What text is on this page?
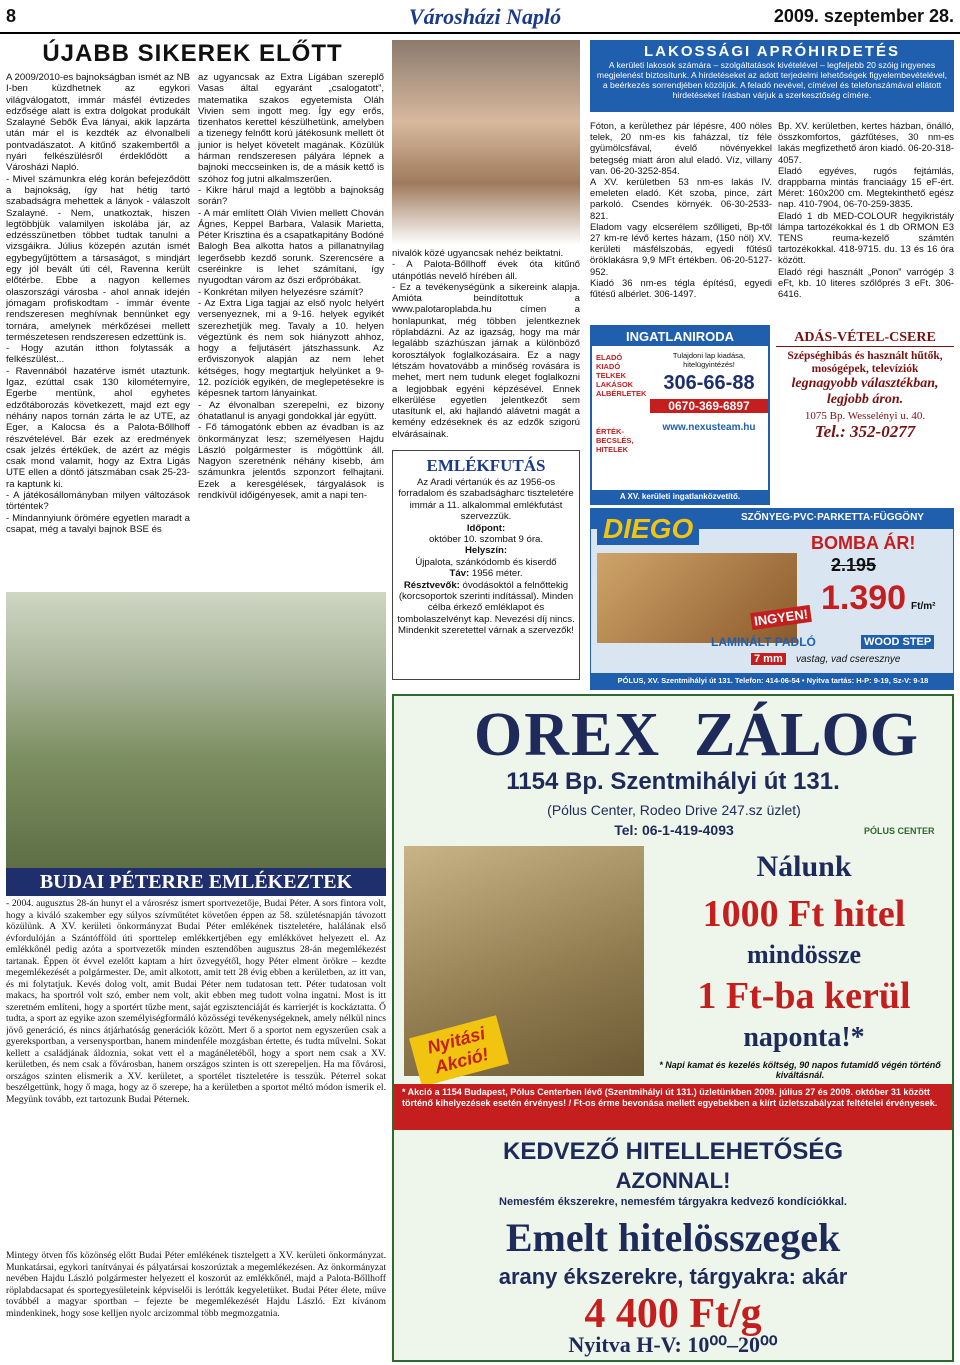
8	Városházi Napló	2009. szeptember 28.
ÚJABB SIKEREK ELŐTT
A 2009/2010-es bajnokságban ismét az NB I-ben küzdhetnek az egykori világválogatott, immár másfél évtizedes edzősége alatt is extra dolgokat produkált Szalayné Sebők Éva lányai, akik lapzárta után már el is kezdték az élvonalbeli pontvadászatot. A kitűnő szakembertől a nyári felkészülésről érdeklődött a Városházi Napló.
- Mivel számunkra elég korán befejeződött a bajnokság, így hat hétig tartó szabadságra mehettek a lányok - válaszolt Szalayné. - Nem, unatkoztak, hiszen legtöbbjük valamilyen iskolába jár, az edzésszünetben többet tudtak tanulni a vizsgáikra. Július közepén azután ismét egybegyűjtöttem a társaságot, s mindjárt egy jól bevált úti cél, Ravenna került előtérbe. Ebbe a nagyon kellemes olaszországi városba - ahol annak idején jómagam profiskodtam - immár évente rendszeresen meghívnak bennünket egy tornára, amelynek mérkőzései mellett természetesen rendszeresen edzettünk is.
- Hogy azután itthon folytassák a felkészülést...
- Ravennából hazatérve ismét utaztunk. Igaz, ezúttal csak 130 kilométernyire, Egerbe mentünk, ahol egyhetes edzőtáborozás következett, majd ezt egy néhány napos tornán zárta le az UTE, az Eger, a Kalocsa és a Palota-Bőllhoff részvételével. Bár ezek az eredmények csak jelzés értékűek, de azért az mégis csak mond valamit, hogy az Extra Ligás UTE ellen a döntő játszmában csak 25-23-ra kaptunk ki.
- A játékosállományban milyen változások történtek?
- Mindannyiunk örömére egyetlen maradt a csapat, még a tavalyi bajnok BSE és
az ugyancsak az Extra Ligában szereplő Vasas által egyaránt „csalogatott”, matematika szakos egyetemista Oláh Vivien sem ingott meg. Így egy erős, tizenhatos kerettel készülhetünk, amelyben a tizenegy felnőtt korú játékosunk mellett öt junior is helyet követelt magának. Közülük hárman rendszeresen pályára lépnek a bajnoki meccseinken is, de a másik kettő is szóhoz fog jutni alkalmszerűen.
- Kikre hárul majd a legtöbb a bajnokság során?
- A már említett Oláh Vivien mellett Chován Ágnes, Keppel Barbara, Valasik Marietta, Péter Krisztina és a csapatkapitány Bodóné Balogh Bea alkotta hatos a pillanatnyilag legerősebb kezdő sorunk. Szerencsére a cseréinkre is lehet számítani, így nyugodtan várom az őszi erőpróbákat.
- Konkrétan milyen helyezésre számít?
- Az Extra Liga tagjai az első nyolc helyért versenyeznek, mi a 9-16. helyek egyikét szerezhetjük meg. Tavaly a 10. helyen végeztünk és nem sok hiányzott ahhoz, hogy a feljutásért játszhassunk. Az erőviszonyok alapján az nem lehet kétséges, hogy megtartjuk helyünket a 9-12. pozíciók egyikén, de meglepetésekre is képesnek tartom lányainkat.
- Az élvonalban szerepelni, ez bizony óhatatlanul is anyagi gondokkal jár együtt.
- Fő támogatónk ebben az évadban is az önkormányzat lesz; személyesen Hajdu László polgármester is mögöttünk áll. Nagyon szeretnénk néhány kisebb, ám számunkra jelentős szponzort felhajtani. Ezek a keresgélések, tárgyalások is rendkívül időigényesek, amit a napi ten-
nivalók közé ugyancsak nehéz beiktatni.
- A Palota-Bőllhoff évek óta kitűnő utánpótlás nevelő hírében áll.
- Ez a tevékenységünk a sikereink alapja. Amióta beindítottuk a www.palotaroplabda.hu címen a honlapunkat, még többen jelentkeznek röplabdázni. Az az igazság, hogy ma már legalább százhúszan járnak a különböző korosztályok foglalkozásaira. Ez a nagy létszám hovatovább a minőség rovására is mehet, mert nem tudunk eleget foglalkozni a legjobbak egyéni képzésével. Ennek elkerülése egyetlen jelentkezőt sem utasítunk el, aki hajlandó alávetni magát a kemény edzéseknek és az edzők szigorú elvárásainak.
EMLÉKFUTÁS
Az Aradi vértanúk és az 1956-os forradalom és szabadságharc tiszteletére immár a 11. alkalommal emlékfutást szervezzük.
Időpont:
október 10. szombat 9 óra.
Helyszín:
Újpalota, szánkódomb és kiserdő
Táv: 1956 méter.
Résztvevők: óvodásoktól a felnőttekig (korcsoportok szerinti indítással). Minden célba érkező emléklapot és tombolaszelvényt kap. Nevezési díj nincs.
Mindenkit szeretettel várnak a szervezők!
LAKOSSÁGI APRÓHIRDETÉS
A kerületi lakosok számára – szolgáltatások kivételével – legfeljebb 20 szóig ingyenes megjelenést biztosítunk. A hirdetéseket az adott terjedelmi lehetőségek figyelembevételével, a beérkezés sorrendjében közöljük. A feladó nevével, címével és telefonszámával ellátott hirdetéseket írásban várjuk a szerkesztőség címére.
Fóton, a kerülethez pár lépésre, 400 nöles telek, 20 nm-es kis faházzal, tíz féle gyümölcsfával, évelő növényekkel betegség miatt áron alul eladó. Víz, villany van. 06-20-3252-854.
A XV. kerületben 53 nm-es lakás IV. emeleten eladó. Két szoba, pince, zárt parkoló. Csendes környék. 06-30-2533-821.
Eladom vagy elcserélem szőlligeti, Bp-től 27 km-re lévő kertes házam, (150 nöl) XV. kerületi másfélszobás, egyedi fűtésű öröklakásra 9,9 MFt értékben. 06-20-5127-952.
Kiadó 36 nm-es tégla építésű, egyedi fűtésű albérlet. 306-1497.
Bp. XV. kerületben, kertes házban, önálló, összkomfortos, gázfűtéses, 30 nm-es lakás megfizethető áron kiadó. 06-20-318-4057.
Eladó egyéves, rugós fejtámlás, drappbarna mintás franciaágy 15 eF-ért. Méret: 160x200 cm. Megtekinthető egész nap. 410-7904, 06-70-259-3835.
Eladó 1 db MED-COLOUR hegyikristály lámpa tartozékokkal és 1 db ORMON E3 TENS reuma-kezelő számtén tartozékokkal. 418-9715. du. 13 és 16 óra között.
Eladó régi használt „Ponon” varrógép 3 eFt, kb. 10 literes szőlőprés 3 eFt. 306-6416.
INGATLANIRODA
ELADÓ KIADÓ TELKEK LAKÁSOK ALBÉRLETEK
Tulajdoni lap kiadása, hitelügyintézés!
306-66-88
0670-369-6897
ÉRTÉK-BECSLÉS, HITELEK
www.nexusteam.hu
A XV. kerületi ingatlanközvetítő.
ADÁS-VÉTEL-CSERE
Szépséghibás és használt hűtők, mosógépek, televíziók
legnagyobb választékban, legjobb áron.
1075 Bp. Wesselényi u. 40.
Tel.: 352-0277
DIEGO	SZŐNYEG·PVC·PARKETTA·FÜGGÖNY
BOMBA ÁR!
2.195
1.390 Ft/m²
INGYEN!
LAMINÁLT PADLÓ	WOOD STEP
7 mm	vastag, vad cseresznye
PÓLUS, XV. Szentmihályi út 131. Telefon: 414-06-54 • Nyitva tartás: H-P: 9-19, Sz-V: 9-18
BUDAI PÉTERRE EMLÉKEZTEK
- 2004. augusztus 28-án hunyt el a városrész ismert sportvezetője, Budai Péter. A sors fintora volt, hogy a kiváló szakember egy súlyos szívműtétet követően éppen az 58. születésnapján távozott közülünk. A XV. kerületi önkormányzat Budai Péter emlékének tiszteletére, halálának első évfordulóján a Szántófföld úti sporttelep emlékkertjében egy emlékkövet helyezett el. Az emlékkőnél pedig azóta a sportvezetők minden esztendőben augusztus 28-án megemlékezést tartanak. Éppen öt évvel ezelőtt kaptam a hírt özvegyétől, hogy Péter elment örökre – kezdte megemlékezését a polgármester. De, amit alkotott, amit tett 28 évig ebben a kerületben, az itt van, és mi folytatjuk. Kevés dolog volt, amit Budai Péter nem tudatosan tett. Péter tudatosan volt makacs, ha sportról volt szó, ember nem volt, akit ebben meg tudott volna ingatni. Most is itt szeretném említeni, hogy a sportért tűzbe ment, saját egzisztenciáját és karrierjét is kockáztatta. Ő tudta, a sport az egyike azon személyiségformáló közösségi tevékenységeknek, amely nélkül nincs jövő generáció, és nincs átjárhatóság generációk között. Mert ő a sportot nem egyszerűen csak a gyereksportban, a versenysportban, hanem mindenféle mozgásban értette, és tudta művelni. Sokat kellett a családjának áldoznia, sokat vett el a magánéletéből, hogy a sport nem csak a XV. kerületben, és nem csak a fővárosban, hanem országos szinten is ott szerepeljen. Ha ma fővárosi, országos szinten elismerik a XV. kerületet, a sportélet tiszteletére is tesszük. Péterrel sokat beszélgettünk, hogy ő maga, hogy az ő szerepe, ha a kerületben a sportot méltó módon ismerik el. Megyünk tovább, ezt tartozunk Budai Péternek.
Mintegy ötven fős közönség előtt Budai Péter emlékének tisztelgett a XV. kerületi önkormányzat. Munkatársai, egykori tanítványai és pályatársai koszorúztak a megemlékezésen. Az önkormányzat nevében Hajdu László polgármester helyezett el koszorút az emlékkőnél, majd a Palota-Bőllhoff röplabdacsapat és sportegyesületeink képviselői is lerótták kegyeletüket. Budai Péter élete, műve továbbél a magyar sportban – fejezte be megemlékezését Hajdu László. Ezt kívánom mindenkinek, hogy sose kelljen nyolc arcizommal több megmozgatnia.
OREX ZÁLOG
1154 Bp. Szentmihályi út 131.
(Pólus Center, Rodeo Drive 247.sz üzlet)
Tel: 06-1-419-4093	PÓLUS CENTER
Nálunk
1000 Ft hitel
mindössze
1 Ft-ba kerül
naponta!*
* Napi kamat és kezelés költség, 90 napos futamidő végén történő kiváltásnál.
Nyitási Akció!
* Akció a 1154 Budapest, Pólus Centerben lévő (Szentmihályi út 131.) üzletünkben 2009. július 27 és 2009. október 31 között történő kihelyezések esetén érvényes! / Ft-os érme bevonása mellett egyebekben a kiírt üzletszabályzat feltételei érvényesek.
KEDVEZŐ HITELLEHETŐSÉG
AZONNAL!
Nemesfém ékszerekre, nemesfém tárgyakra kedvező kondíciókkal.
Emelt hitelösszegek
arany ékszerekre, tárgyakra: akár
4 400 Ft/g
Nyitva H-V: 10⁰⁰–20⁰⁰
